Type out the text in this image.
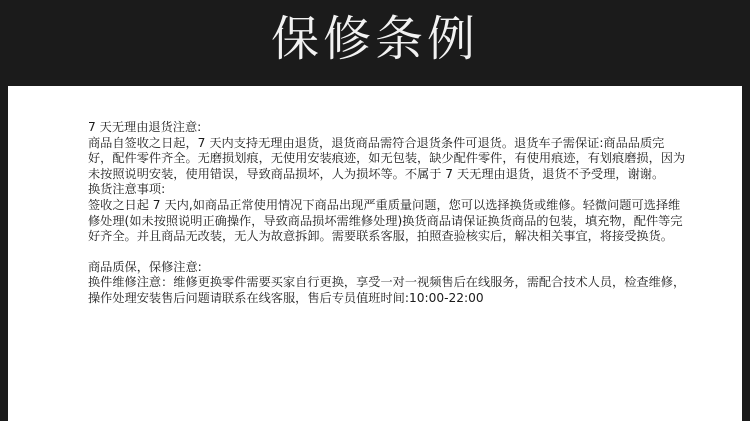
保修条例

7 天无理由退货注意:

商品自签收之日起，7 天内支持无理由退货，退货商品需符合退货条件可退货。退货车子需保证:商品品质完好，配件零件齐全。无磨损划痕，无使用安装痕迹，如无包装，缺少配件零件，有使用痕迹，有划痕磨损，因为未按照说明安装，使用错误，导致商品损坏，人为损坏等。不属于 7 天无理由退货，退货不予受理，谢谢。

换货注意事项:

签收之日起 7 天内,如商品正常使用情况下商品出现严重质量问题，您可以选择换货或维修。轻微问题可选择维修处理(如未按照说明正确操作，导致商品损坏需维修处理)换货商品请保证换货商品的包装，填充物，配件等完好齐全。并且商品无改装，无人为故意拆卸。需要联系客服，拍照查验核实后，解决相关事宜，将接受换货。

商品质保，保修注意:

换件维修注意：维修更换零件需要买家自行更换，享受一对一视频售后在线服务，需配合技术人员，检查维修，操作处理安装售后问题请联系在线客服，售后专员值班时间:10:00-22:00
